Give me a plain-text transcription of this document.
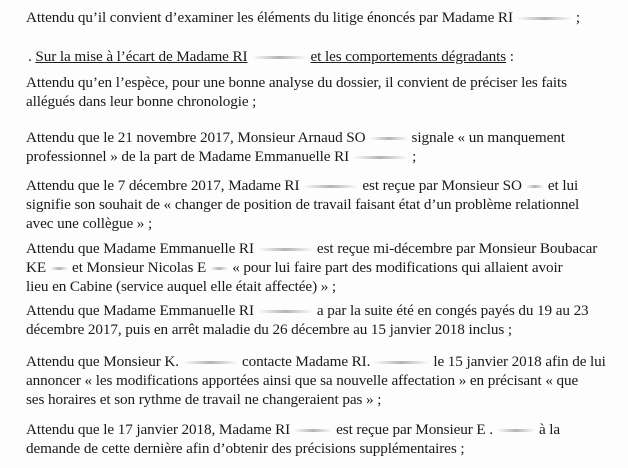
Attendu qu’il convient d’examiner les éléments du litige énoncés par Madame RI	;
. Sur la mise à l’écart de Madame RI	et les comportements dégradants :
Attendu qu’en l’espèce, pour une bonne analyse du dossier, il convient de préciser les faits
allégués dans leur bonne chronologie ;
Attendu que le 21 novembre 2017, Monsieur Arnaud SO	signale « un manquement
professionnel » de la part de Madame Emmanuelle RI	;
Attendu que le 7 décembre 2017, Madame RI	est reçue par Monsieur SO et lui
signifie son souhait de « changer de position de travail faisant état d’un problème relationnel
avec une collègue » ;
Attendu que Madame Emmanuelle RI	est reçue mi-décembre par Monsieur Boubacar
KE et Monsieur Nicolas E « pour lui faire part des modifications qui allaient avoir
lieu en Cabine (service auquel elle était affectée) » ;
Attendu que Madame Emmanuelle RI	a par la suite été en congés payés du 19 au 23
décembre 2017, puis en arrêt maladie du 26 décembre au 15 janvier 2018 inclus ;
Attendu que Monsieur K.	contacte Madame RI.	le 15 janvier 2018 afin de lui
annoncer « les modifications apportées ainsi que sa nouvelle affectation » en précisant « que
ses horaires et son rythme de travail ne changeraient pas » ;
Attendu que le 17 janvier 2018, Madame RI	est reçue par Monsieur E .	à la
demande de cette dernière afin d’obtenir des précisions supplémentaires ;
